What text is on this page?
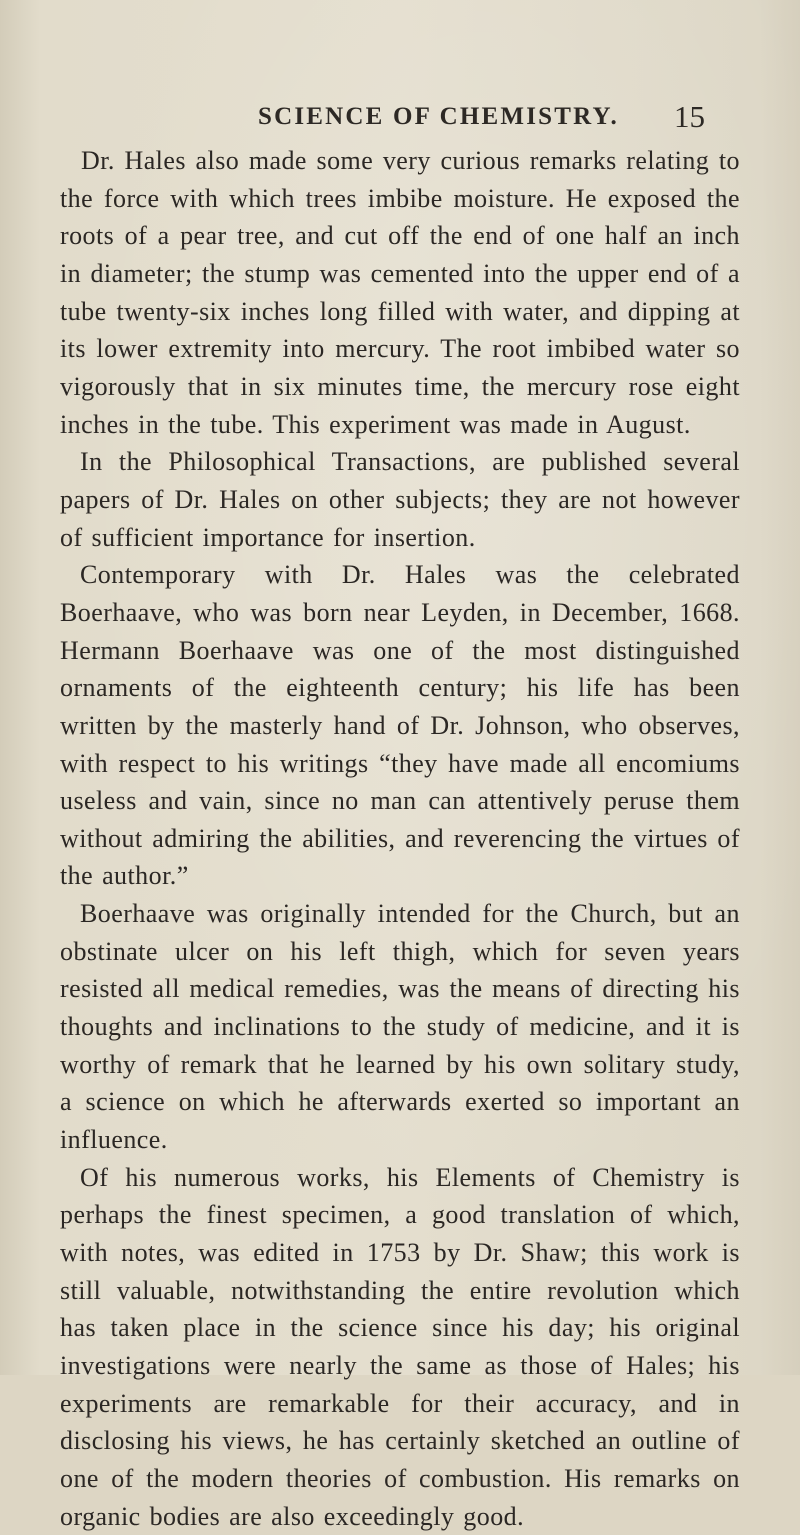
SCIENCE OF CHEMISTRY. 15

Dr. Hales also made some very curious remarks relating to the force with which trees imbibe moisture. He exposed the roots of a pear tree, and cut off the end of one half an inch in diameter; the stump was cemented into the upper end of a tube twenty-six inches long filled with water, and dipping at its lower extremity into mercury. The root imbibed water so vigorously that in six minutes time, the mercury rose eight inches in the tube. This experiment was made in August.

In the Philosophical Transactions, are published several papers of Dr. Hales on other subjects; they are not however of sufficient importance for insertion.

Contemporary with Dr. Hales was the celebrated Boerhaave, who was born near Leyden, in December, 1668. Hermann Boerhaave was one of the most distinguished ornaments of the eighteenth century; his life has been written by the masterly hand of Dr. Johnson, who observes, with respect to his writings “they have made all encomiums useless and vain, since no man can attentively peruse them without admiring the abilities, and reverencing the virtues of the author.”

Boerhaave was originally intended for the Church, but an obstinate ulcer on his left thigh, which for seven years resisted all medical remedies, was the means of directing his thoughts and inclinations to the study of medicine, and it is worthy of remark that he learned by his own solitary study, a science on which he afterwards exerted so important an influence.

Of his numerous works, his Elements of Chemistry is perhaps the finest specimen, a good translation of which, with notes, was edited in 1753 by Dr. Shaw; this work is still valuable, notwithstanding the entire revolution which has taken place in the science since his day; his original investigations were nearly the same as those of Hales; his experiments are remarkable for their accuracy, and in disclosing his views, he has certainly sketched an outline of one of the modern theories of combustion. His remarks on organic bodies are also exceedingly good.
